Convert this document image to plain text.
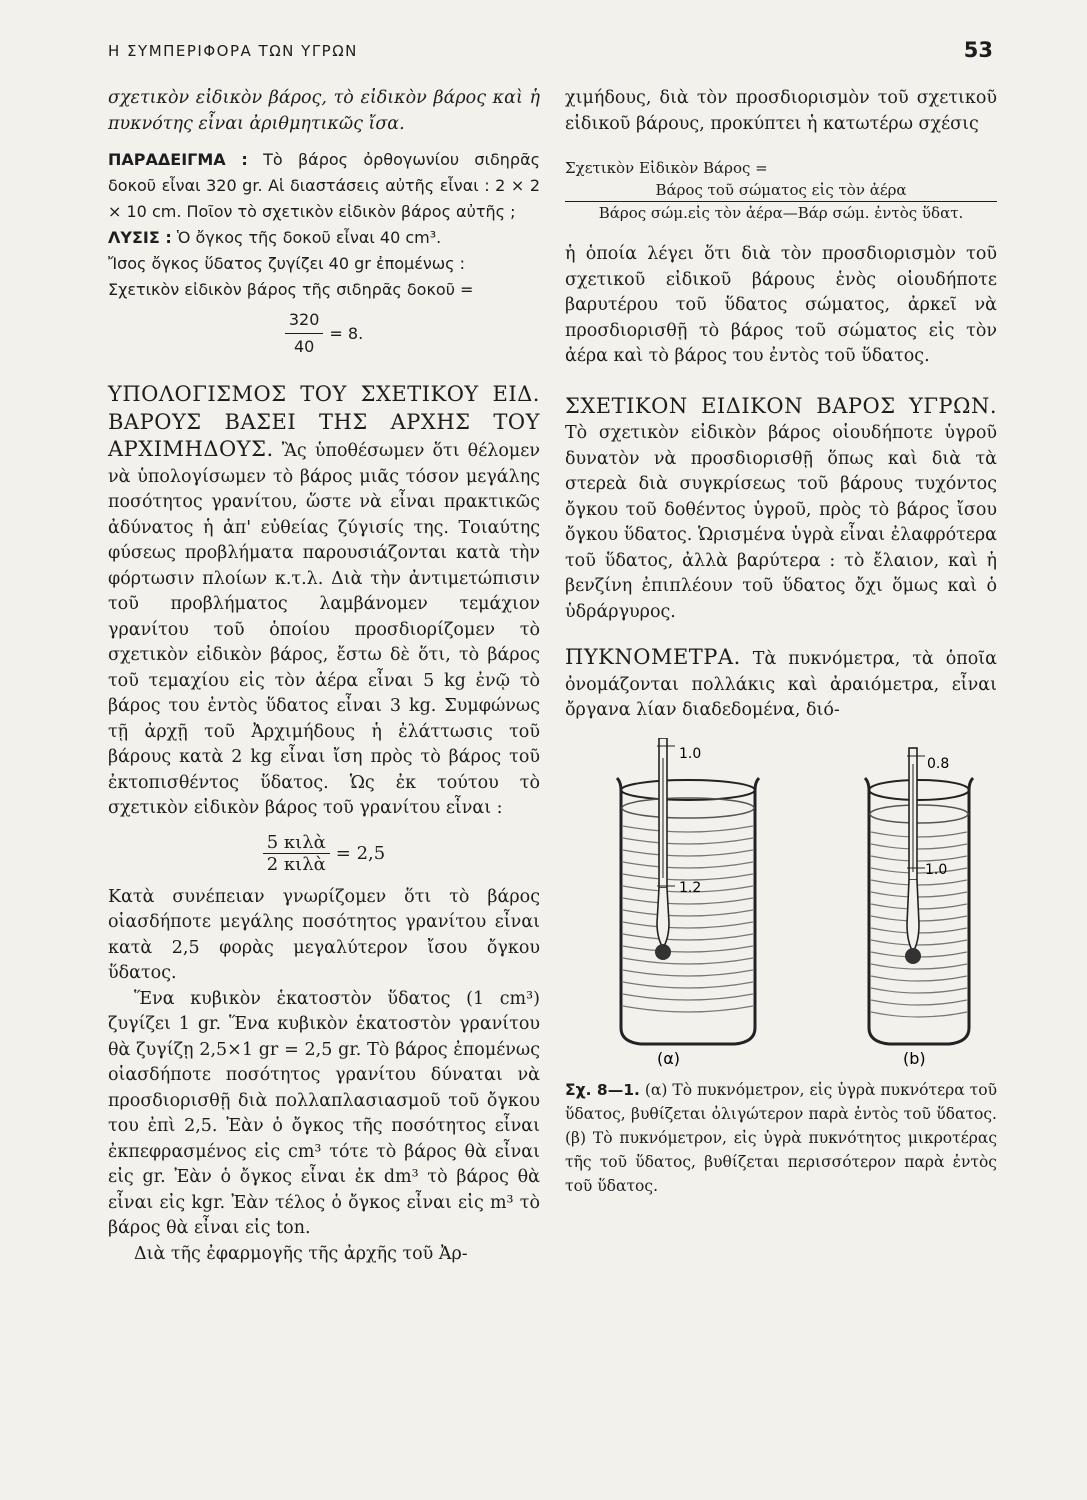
Η ΣΥΜΠΕΡΙΦΟΡΑ ΤΩΝ ΥΓΡΩΝ	53

σχετικὸν εἰδικὸν βάρος, τὸ εἰδικὸν βάρος καὶ ἡ πυκνότης εἶναι ἀριθμητικῶς ἴσα.

ΠΑΡΑΔΕΙΓΜΑ : Τὸ βάρος ὀρθογωνίου σιδηρᾶς δοκοῦ εἶναι 320 gr. Αἱ διαστάσεις αὐτῆς εἶναι : 2 × 2 × 10 cm. Ποῖον τὸ σχετικὸν εἰδικὸν βάρος αὐτῆς ;

ΛΥΣΙΣ : Ὁ ὄγκος τῆς δοκοῦ εἶναι 40 cm³.

Ἴσος ὄγκος ὕδατος ζυγίζει 40 gr ἐπομένως :

Σχετικὸν εἰδικὸν βάρος τῆς σιδηρᾶς δοκοῦ =

$\frac{320}{40} = 8$.

ΥΠΟΛΟΓΙΣΜΟΣ ΤΟΥ ΣΧΕΤΙΚΟΥ ΕΙΔ. ΒΑΡΟΥΣ ΒΑΣΕΙ ΤΗΣ ΑΡΧΗΣ ΤΟΥ ΑΡΧΙΜΗΔΟΥΣ. Ἂς ὑποθέσωμεν ὅτι θέλομεν νὰ ὑπολογίσωμεν τὸ βάρος μιᾶς τόσον μεγάλης ποσότητος γρανίτου, ὥστε νὰ εἶναι πρακτικῶς ἀδύνατος ἡ ἀπ' εὐθείας ζύγισίς της. Τοιαύτης φύσεως προβλήματα παρουσιάζονται κατὰ τὴν φόρτωσιν πλοίων κ.τ.λ. Διὰ τὴν ἀντιμετώπισιν τοῦ προβλήματος λαμβάνομεν τεμάχιον γρανίτου τοῦ ὁποίου προσδιορίζομεν τὸ σχετικὸν εἰδικὸν βάρος, ἔστω δὲ ὅτι, τὸ βάρος τοῦ τεμαχίου εἰς τὸν ἀέρα εἶναι 5 kg ἐνῷ τὸ βάρος του ἐντὸς ὕδατος εἶναι 3 kg. Συμφώνως τῇ ἀρχῇ τοῦ Ἀρχιμήδους ἡ ἐλάττωσις τοῦ βάρους κατὰ 2 kg εἶναι ἴση πρὸς τὸ βάρος τοῦ ἐκτοπισθέντος ὕδατος. Ὡς ἐκ τούτου τὸ σχετικὸν εἰδικὸν βάρος τοῦ γρανίτου εἶναι :

$\frac{\text{5 κιλὰ}}{\text{2 κιλὰ}} = 2,5$

Κατὰ συνέπειαν γνωρίζομεν ὅτι τὸ βάρος οἱασδήποτε μεγάλης ποσότητος γρανίτου εἶναι κατὰ 2,5 φορὰς μεγαλύτερον ἴσου ὄγκου ὕδατος.

Ἕνα κυβικὸν ἑκατοστὸν ὕδατος (1 cm³) ζυγίζει 1 gr. Ἕνα κυβικὸν ἑκατοστὸν γρανίτου θὰ ζυγίζῃ 2,5×1 gr = 2,5 gr. Τὸ βάρος ἐπομένως οἱασδήποτε ποσότητος γρανίτου δύναται νὰ προσδιορισθῇ διὰ πολλαπλασιασμοῦ τοῦ ὄγκου του ἐπὶ 2,5. Ἐὰν ὁ ὄγκος τῆς ποσότητος εἶναι ἐκπεφρασμένος εἰς cm³ τότε τὸ βάρος θὰ εἶναι εἰς gr. Ἐὰν ὁ ὄγκος εἶναι ἐκ dm³ τὸ βάρος θὰ εἶναι εἰς kgr. Ἐὰν τέλος ὁ ὄγκος εἶναι εἰς m³ τὸ βάρος θὰ εἶναι εἰς ton.

Διὰ τῆς ἐφαρμογῆς τῆς ἀρχῆς τοῦ Ἀρ-

χιμήδους, διὰ τὸν προσδιορισμὸν τοῦ σχετικοῦ εἰδικοῦ βάρους, προκύπτει ἡ κατωτέρω σχέσις

Σχετικὸν Εἰδικὸν Βάρος =
$\frac{\text{Βάρος τοῦ σώματος εἰς τὸν ἀέρα}}{\text{Βάρος σώμ.εἰς τὸν ἀέρα—Βάρ σώμ. ἐντὸς ὕδατ.}}$

ἡ ὁποία λέγει ὅτι διὰ τὸν προσδιορισμὸν τοῦ σχετικοῦ εἰδικοῦ βάρους ἑνὸς οἱουδήποτε βαρυτέρου τοῦ ὕδατος σώματος, ἀρκεῖ νὰ προσδιορισθῇ τὸ βάρος τοῦ σώματος εἰς τὸν ἀέρα καὶ τὸ βάρος του ἐντὸς τοῦ ὕδατος.

ΣΧΕΤΙΚΟΝ ΕΙΔΙΚΟΝ ΒΑΡΟΣ ΥΓΡΩΝ. Τὸ σχετικὸν εἰδικὸν βάρος οἱουδήποτε ὑγροῦ δυνατὸν νὰ προσδιορισθῇ ὅπως καὶ διὰ τὰ στερεὰ διὰ συγκρίσεως τοῦ βάρους τυχόντος ὄγκου τοῦ δοθέντος ὑγροῦ, πρὸς τὸ βάρος ἴσου ὄγκου ὕδατος. Ὡρισμένα ὑγρὰ εἶναι ἐλαφρότερα τοῦ ὕδατος, ἀλλὰ βαρύτερα : τὸ ἔλαιον, καὶ ἡ βενζίνη ἐπιπλέουν τοῦ ὕδατος ὄχι ὅμως καὶ ὁ ὑδράργυρος.

ΠΥΚΝΟΜΕΤΡΑ. Τὰ πυκνόμετρα, τὰ ὁποῖα ὀνομάζονται πολλάκις καὶ ἀραιόμετρα, εἶναι ὄργανα λίαν διαδεδομένα, διό-

1.0
1.2
(α)
0.8
1.0
(b)

Σχ. 8—1. (α) Τὸ πυκνόμετρον, εἰς ὑγρὰ πυκνότερα τοῦ ὕδατος, βυθίζεται ὀλιγώτερον παρὰ ἐντὸς τοῦ ὕδατος. (β) Τὸ πυκνόμετρον, εἰς ὑγρὰ πυκνότητος μικροτέρας τῆς τοῦ ὕδατος, βυθίζεται περισσότερον παρὰ ἐντὸς τοῦ ὕδατος.
